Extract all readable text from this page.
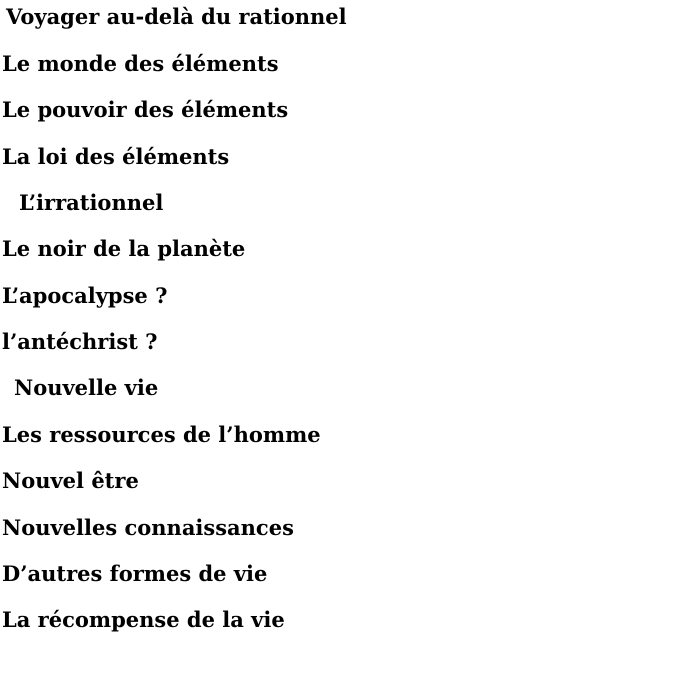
Voyager au-delà du rationnel

Le monde des éléments

Le pouvoir des éléments

La loi des éléments

L’irrationnel

Le noir de la planète

L’apocalypse ?

l’antéchrist ?

Nouvelle vie

Les ressources de l’homme

Nouvel être

Nouvelles connaissances

D’autres formes de vie

La récompense de la vie
